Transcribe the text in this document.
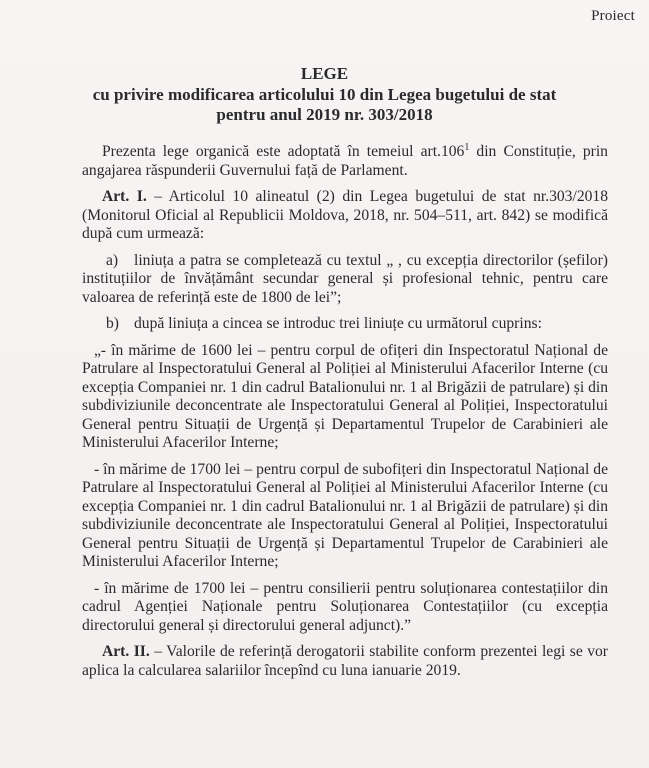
Proiect
LEGE
cu privire modificarea articolului 10 din Legea bugetului de stat
pentru anul 2019 nr. 303/2018

Prezenta lege organică este adoptată în temeiul art.106$^1$ din Constituție, prin angajarea răspunderii Guvernului față de Parlament.

Art. I. – Articolul 10 alineatul (2) din Legea bugetului de stat nr.303/2018 (Monitorul Oficial al Republicii Moldova, 2018, nr. 504–511, art. 842) se modifică după cum urmează:

a) liniuța a patra se completează cu textul „ , cu excepția directorilor (șefilor) instituțiilor de învățământ secundar general și profesional tehnic, pentru care valoarea de referință este de 1800 de lei”;

b) după liniuța a cincea se introduc trei liniuțe cu următorul cuprins:

„- în mărime de 1600 lei – pentru corpul de ofițeri din Inspectoratul Național de Patrulare al Inspectoratului General al Poliției al Ministerului Afacerilor Interne (cu excepția Companiei nr. 1 din cadrul Batalionului nr. 1 al Brigăzii de patrulare) și din subdiviziunile deconcentrate ale Inspectoratului General al Poliției, Inspectoratului General pentru Situații de Urgență și Departamentul Trupelor de Carabinieri ale Ministerului Afacerilor Interne;

- în mărime de 1700 lei – pentru corpul de subofițeri din Inspectoratul Național de Patrulare al Inspectoratului General al Poliției al Ministerului Afacerilor Interne (cu excepția Companiei nr. 1 din cadrul Batalionului nr. 1 al Brigăzii de patrulare) și din subdiviziunile deconcentrate ale Inspectoratului General al Poliției, Inspectoratului General pentru Situații de Urgență și Departamentul Trupelor de Carabinieri ale Ministerului Afacerilor Interne;

- în mărime de 1700 lei – pentru consilierii pentru soluționarea contestațiilor din cadrul Agenției Naționale pentru Soluționarea Contestațiilor (cu excepția directorului general și directorului general adjunct).”

Art. II. – Valorile de referință derogatorii stabilite conform prezentei legi se vor aplica la calcularea salariilor începînd cu luna ianuarie 2019.
